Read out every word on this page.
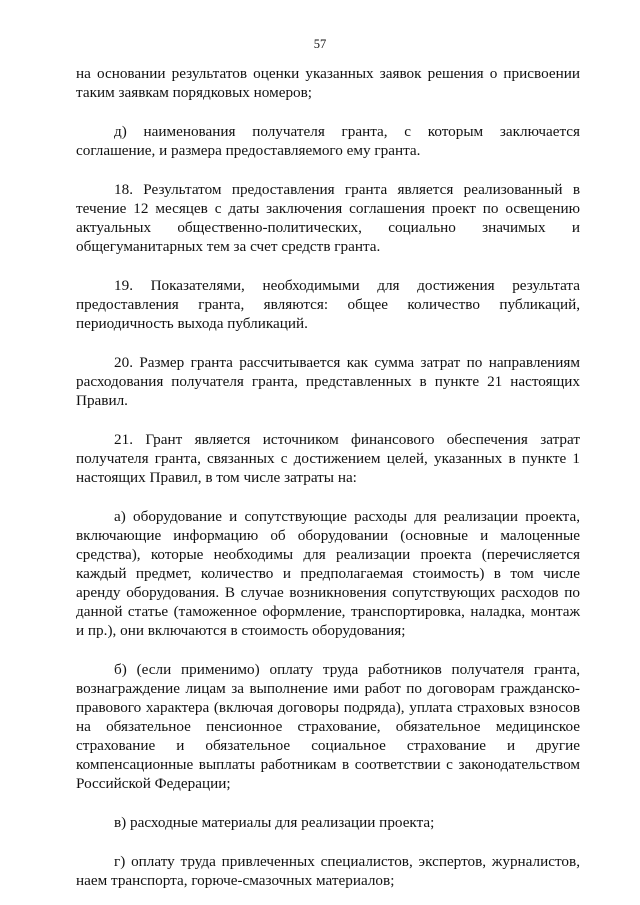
57

на основании результатов оценки указанных заявок решения о присвоении таким заявкам порядковых номеров;

д) наименования получателя гранта, с которым заключается соглашение, и размера предоставляемого ему гранта.

18. Результатом предоставления гранта является реализованный в течение 12 месяцев с даты заключения соглашения проект по освещению актуальных общественно-политических, социально значимых и общегуманитарных тем за счет средств гранта.

19. Показателями, необходимыми для достижения результата предоставления гранта, являются: общее количество публикаций, периодичность выхода публикаций.

20. Размер гранта рассчитывается как сумма затрат по направлениям расходования получателя гранта, представленных в пункте 21 настоящих Правил.

21. Грант является источником финансового обеспечения затрат получателя гранта, связанных с достижением целей, указанных в пункте 1 настоящих Правил, в том числе затраты на:

а) оборудование и сопутствующие расходы для реализации проекта, включающие информацию об оборудовании (основные и малоценные средства), которые необходимы для реализации проекта (перечисляется каждый предмет, количество и предполагаемая стоимость) в том числе аренду оборудования. В случае возникновения сопутствующих расходов по данной статье (таможенное оформление, транспортировка, наладка, монтаж и пр.), они включаются в стоимость оборудования;

б) (если применимо) оплату труда работников получателя гранта, вознаграждение лицам за выполнение ими работ по договорам гражданско-правового характера (включая договоры подряда), уплата страховых взносов на обязательное пенсионное страхование, обязательное медицинское страхование и обязательное социальное страхование и другие компенсационные выплаты работникам в соответствии с законодательством Российской Федерации;

в) расходные материалы для реализации проекта;

г) оплату труда привлеченных специалистов, экспертов, журналистов, наем транспорта, горюче-смазочных материалов;
